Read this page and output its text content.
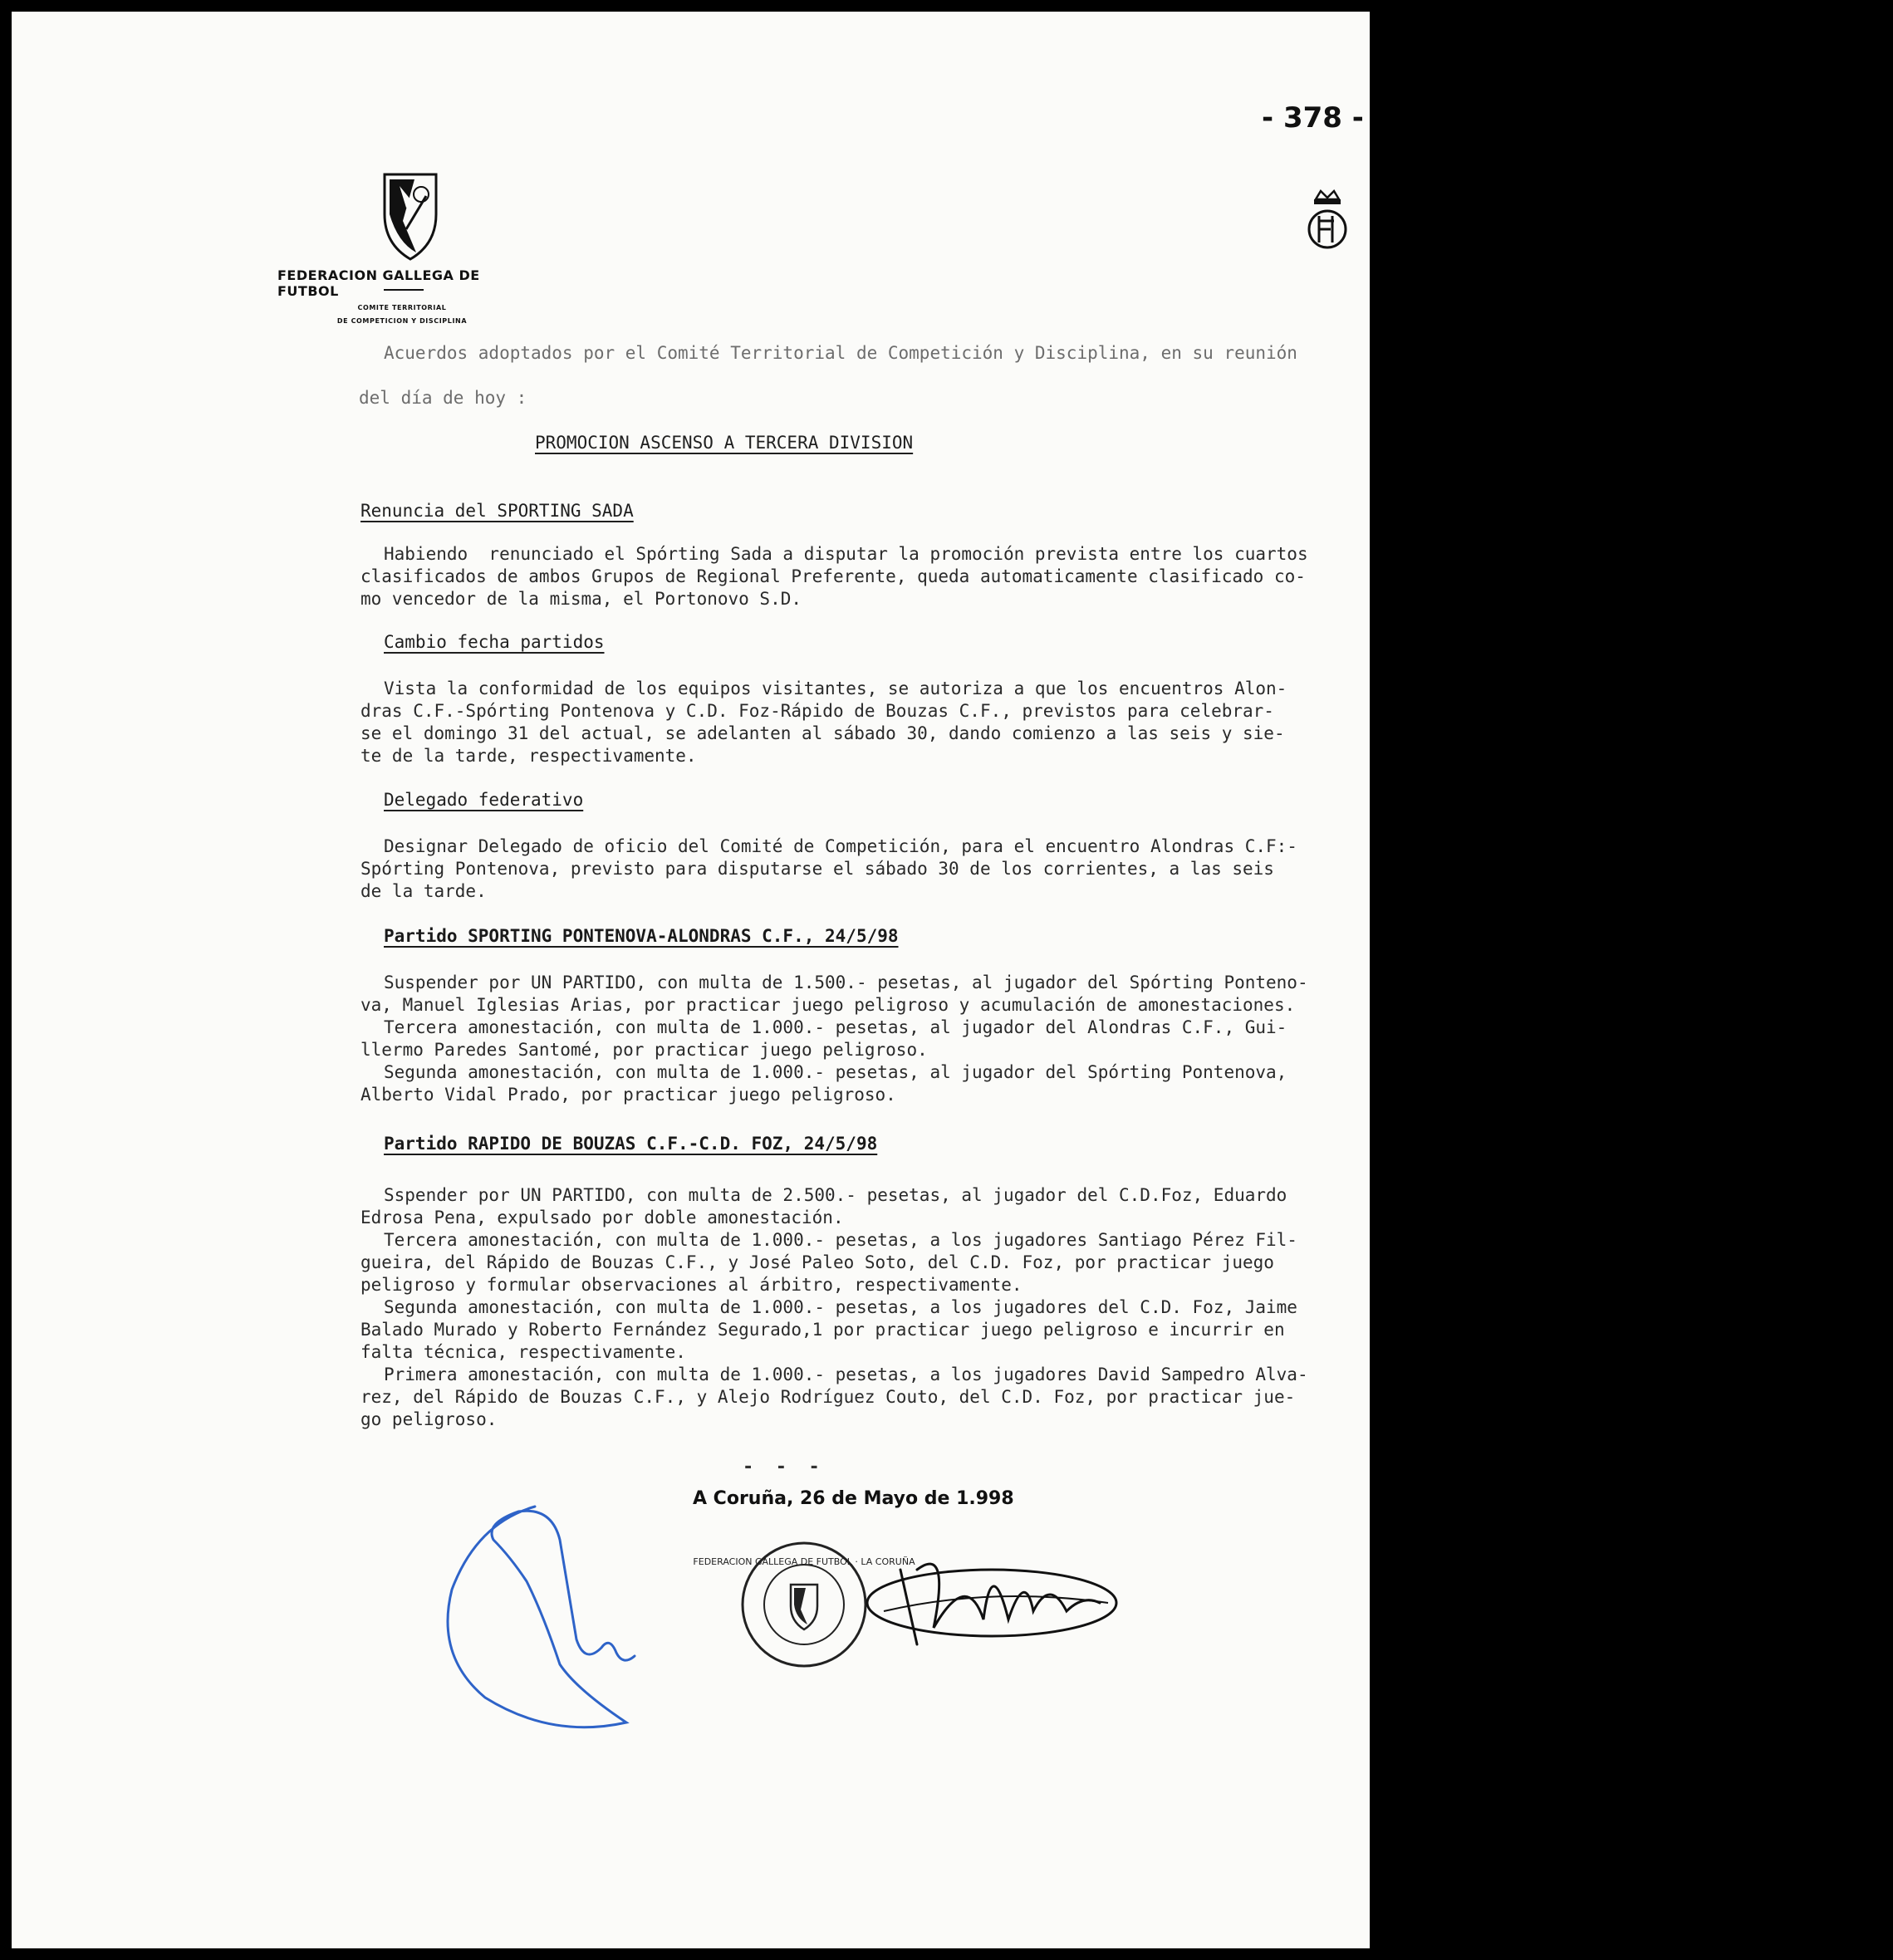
- 378 -
FEDERACION GALLEGA DE FUTBOL
COMITE TERRITORIAL
DE COMPETICION Y DISCIPLINA
Acuerdos adoptados por el Comité Territorial de Competición y Disciplina, en su reunión
del día de hoy :
PROMOCION ASCENSO A TERCERA DIVISION
Renuncia del SPORTING SADA
Habiendo  renunciado el Spórting Sada a disputar la promoción prevista entre los cuartos
clasificados de ambos Grupos de Regional Preferente, queda automaticamente clasificado co-
mo vencedor de la misma, el Portonovo S.D.
Cambio fecha partidos
Vista la conformidad de los equipos visitantes, se autoriza a que los encuentros Alon-
dras C.F.-Spórting Pontenova y C.D. Foz-Rápido de Bouzas C.F., previstos para celebrar-
se el domingo 31 del actual, se adelanten al sábado 30, dando comienzo a las seis y sie-
te de la tarde, respectivamente.
Delegado federativo
Designar Delegado de oficio del Comité de Competición, para el encuentro Alondras C.F:-
Spórting Pontenova, previsto para disputarse el sábado 30 de los corrientes, a las seis
de la tarde.
Partido SPORTING PONTENOVA-ALONDRAS C.F., 24/5/98
Suspender por UN PARTIDO, con multa de 1.500.- pesetas, al jugador del Spórting Ponteno-
va, Manuel Iglesias Arias, por practicar juego peligroso y acumulación de amonestaciones.
Tercera amonestación, con multa de 1.000.- pesetas, al jugador del Alondras C.F., Gui-
llermo Paredes Santomé, por practicar juego peligroso.
Segunda amonestación, con multa de 1.000.- pesetas, al jugador del Spórting Pontenova,
Alberto Vidal Prado, por practicar juego peligroso.
Partido RAPIDO DE BOUZAS C.F.-C.D. FOZ, 24/5/98
Sspender por UN PARTIDO, con multa de 2.500.- pesetas, al jugador del C.D.Foz, Eduardo
Edrosa Pena, expulsado por doble amonestación.
Tercera amonestación, con multa de 1.000.- pesetas, a los jugadores Santiago Pérez Fil-
gueira, del Rápido de Bouzas C.F., y José Paleo Soto, del C.D. Foz, por practicar juego
peligroso y formular observaciones al árbitro, respectivamente.
Segunda amonestación, con multa de 1.000.- pesetas, a los jugadores del C.D. Foz, Jaime
Balado Murado y Roberto Fernández Segurado,1 por practicar juego peligroso e incurrir en
falta técnica, respectivamente.
Primera amonestación, con multa de 1.000.- pesetas, a los jugadores David Sampedro Alva-
rez, del Rápido de Bouzas C.F., y Alejo Rodríguez Couto, del C.D. Foz, por practicar jue-
go peligroso.
-  -  -
A Coruña, 26 de Mayo de 1.998
FEDERACION GALLEGA DE FUTBOL · LA CORUÑA
